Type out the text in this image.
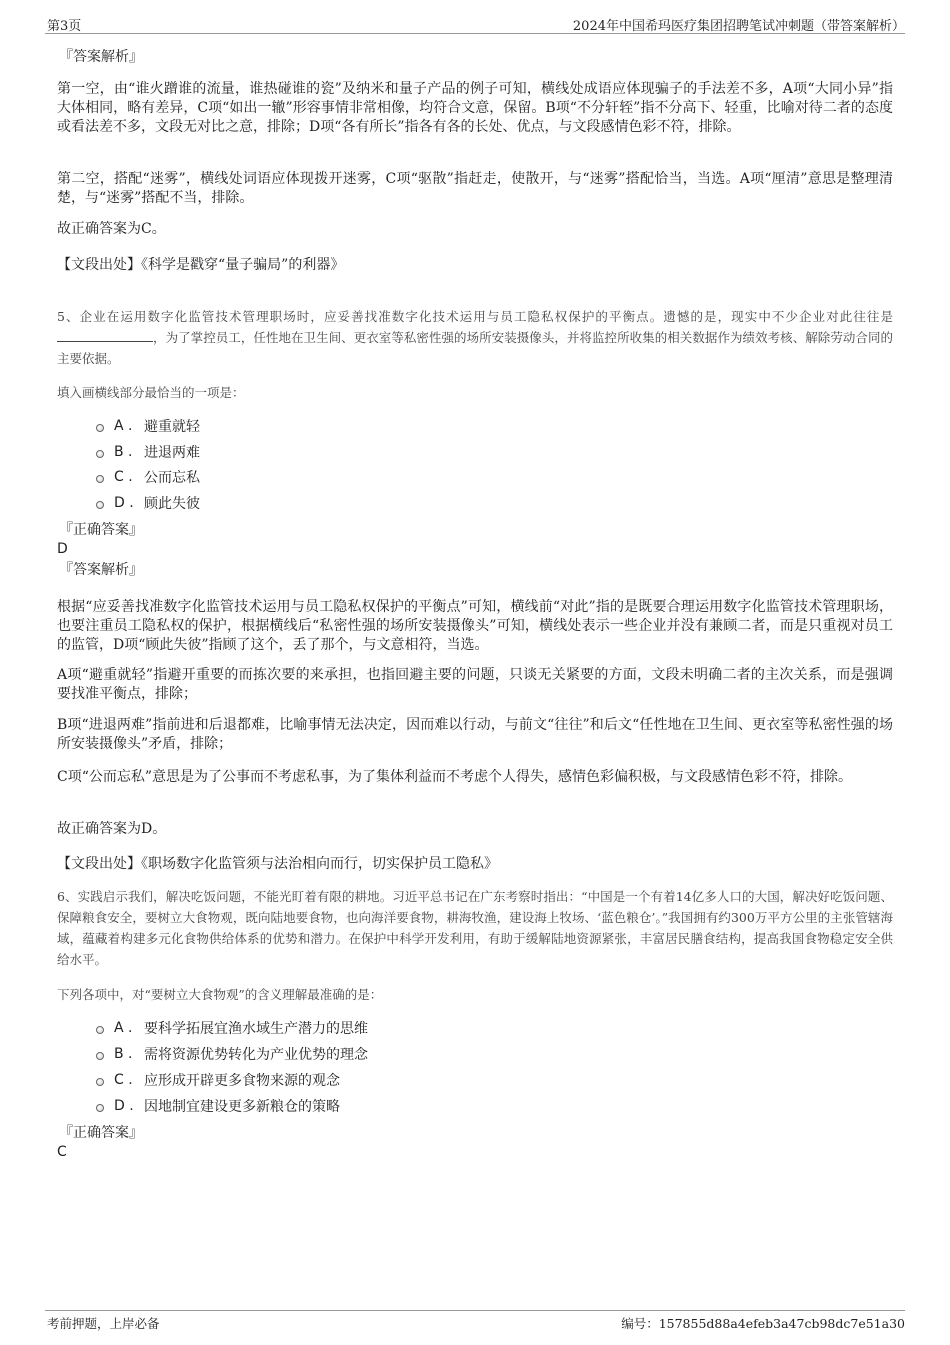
第3页	2024年中国希玛医疗集团招聘笔试冲刺题（带答案解析）
『答案解析』

第一空，由“谁火蹭谁的流量，谁热碰谁的瓷”及纳米和量子产品的例子可知，横线处成语应体现骗子的手法差不多，A项“大同小异”指大体相同，略有差异，C项“如出一辙”形容事情非常相像，均符合文意，保留。B项“不分轩轾”指不分高下、轻重，比喻对待二者的态度或看法差不多，文段无对比之意，排除；D项“各有所长”指各有各的长处、优点，与文段感情色彩不符，排除。

第二空，搭配“迷雾”，横线处词语应体现拨开迷雾，C项“驱散”指赶走，使散开，与“迷雾”搭配恰当，当选。A项“厘清”意思是整理清楚，与“迷雾”搭配不当，排除。

故正确答案为C。

【文段出处】《科学是戳穿“量子骗局”的利器》

5、企业在运用数字化监管技术管理职场时，应妥善找准数字化技术运用与员工隐私权保护的平衡点。遗憾的是，现实中不少企业对此往往是，为了掌控员工，任性地在卫生间、更衣室等私密性强的场所安装摄像头，并将监控所收集的相关数据作为绩效考核、解除劳动合同的主要依据。

填入画横线部分最恰当的一项是：
A . 避重就轻
B . 进退两难
C . 公而忘私
D . 顾此失彼
『正确答案』
D
『答案解析』

根据“应妥善找准数字化监管技术运用与员工隐私权保护的平衡点”可知，横线前“对此”指的是既要合理运用数字化监管技术管理职场，也要注重员工隐私权的保护，根据横线后“私密性强的场所安装摄像头”可知，横线处表示一些企业并没有兼顾二者，而是只重视对员工的监管，D项“顾此失彼”指顾了这个，丢了那个，与文意相符，当选。

A项“避重就轻”指避开重要的而拣次要的来承担，也指回避主要的问题，只谈无关紧要的方面，文段未明确二者的主次关系，而是强调要找准平衡点，排除；

B项“进退两难”指前进和后退都难，比喻事情无法决定，因而难以行动，与前文“往往”和后文“任性地在卫生间、更衣室等私密性强的场所安装摄像头”矛盾，排除；

C项“公而忘私”意思是为了公事而不考虑私事，为了集体利益而不考虑个人得失，感情色彩偏积极，与文段感情色彩不符，排除。

故正确答案为D。

【文段出处】《职场数字化监管须与法治相向而行，切实保护员工隐私》

6、实践启示我们，解决吃饭问题，不能光盯着有限的耕地。习近平总书记在广东考察时指出：“中国是一个有着14亿多人口的大国，解决好吃饭问题、保障粮食安全，要树立大食物观，既向陆地要食物，也向海洋要食物，耕海牧渔，建设海上牧场、‘蓝色粮仓’。”我国拥有约300万平方公里的主张管辖海域，蕴藏着构建多元化食物供给体系的优势和潜力。在保护中科学开发利用，有助于缓解陆地资源紧张，丰富居民膳食结构，提高我国食物稳定安全供给水平。

下列各项中，对“要树立大食物观”的含义理解最准确的是：
A . 要科学拓展宜渔水域生产潜力的思维
B . 需将资源优势转化为产业优势的理念
C . 应形成开辟更多食物来源的观念
D . 因地制宜建设更多新粮仓的策略
『正确答案』
C
考前押题，上岸必备	编号：157855d88a4efeb3a47cb98dc7e51a30
